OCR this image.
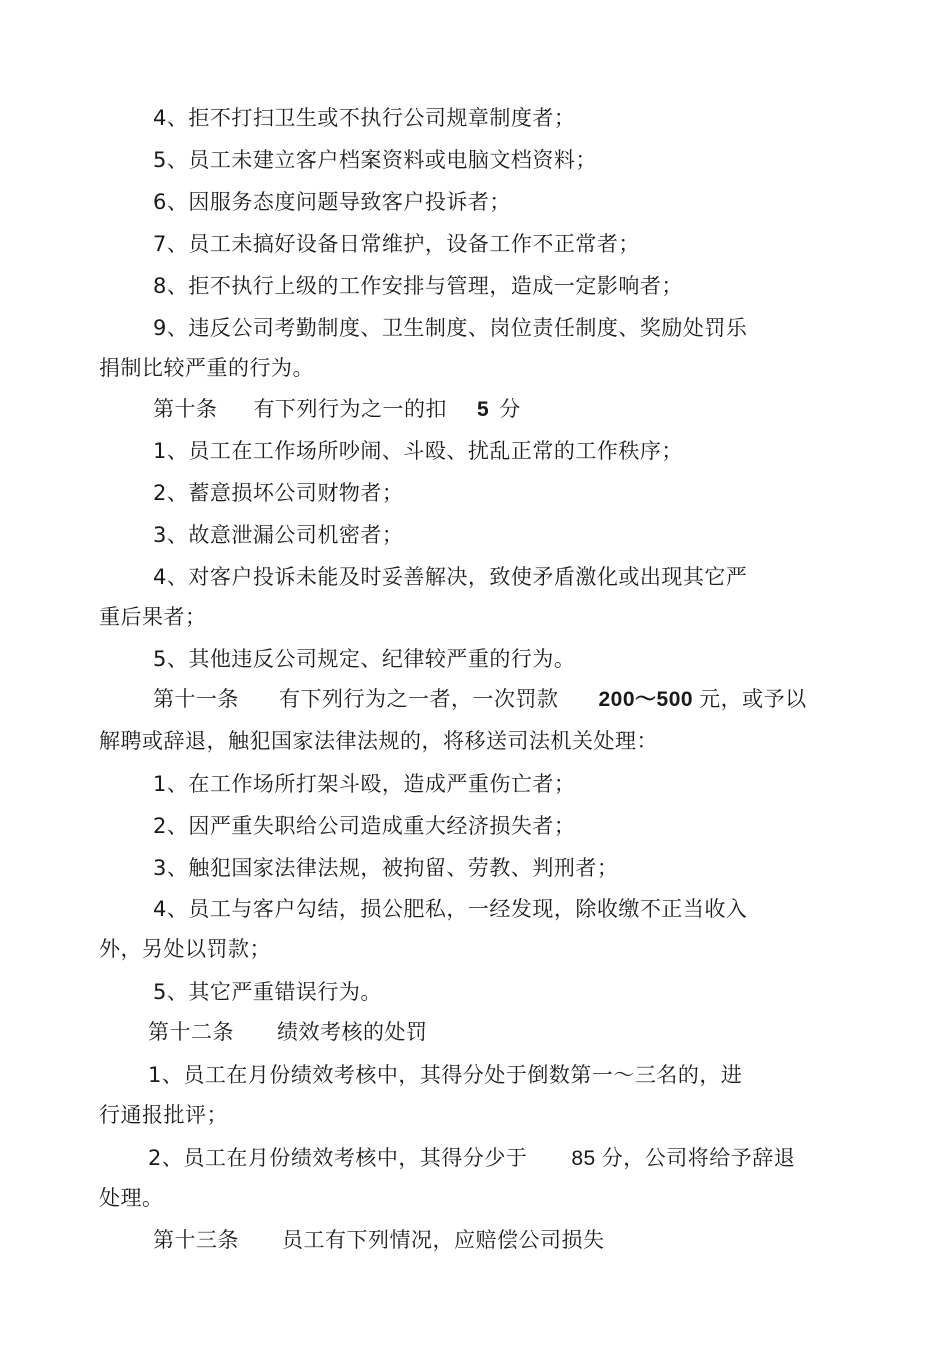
4、拒不打扫卫生或不执行公司规章制度者；
5、员工未建立客户档案资料或电脑文档资料；
6、因服务态度问题导致客户投诉者；
7、员工未搞好设备日常维护，设备工作不正常者；
8、拒不执行上级的工作安排与管理，造成一定影响者；
9、违反公司考勤制度、卫生制度、岗位责任制度、奖励处罚乐
捐制比较严重的行为。
第十条 有下列行为之一的扣 5 分
1、员工在工作场所吵闹、斗殴、扰乱正常的工作秩序；
2、蓄意损坏公司财物者；
3、故意泄漏公司机密者；
4、对客户投诉未能及时妥善解决，致使矛盾激化或出现其它严
重后果者；
5、其他违反公司规定、纪律较严重的行为。
第十一条 有下列行为之一者，一次罚款 200～500 元，或予以
解聘或辞退，触犯国家法律法规的，将移送司法机关处理：
1、在工作场所打架斗殴，造成严重伤亡者；
2、因严重失职给公司造成重大经济损失者；
3、触犯国家法律法规，被拘留、劳教、判刑者；
4、员工与客户勾结，损公肥私，一经发现，除收缴不正当收入
外，另处以罚款；
5、其它严重错误行为。
第十二条　　绩效考核的处罚
1、员工在月份绩效考核中，其得分处于倒数第一～三名的，进
行通报批评；
2、员工在月份绩效考核中，其得分少于 85 分，公司将给予辞退
处理。
第十三条　　员工有下列情况，应赔偿公司损失
